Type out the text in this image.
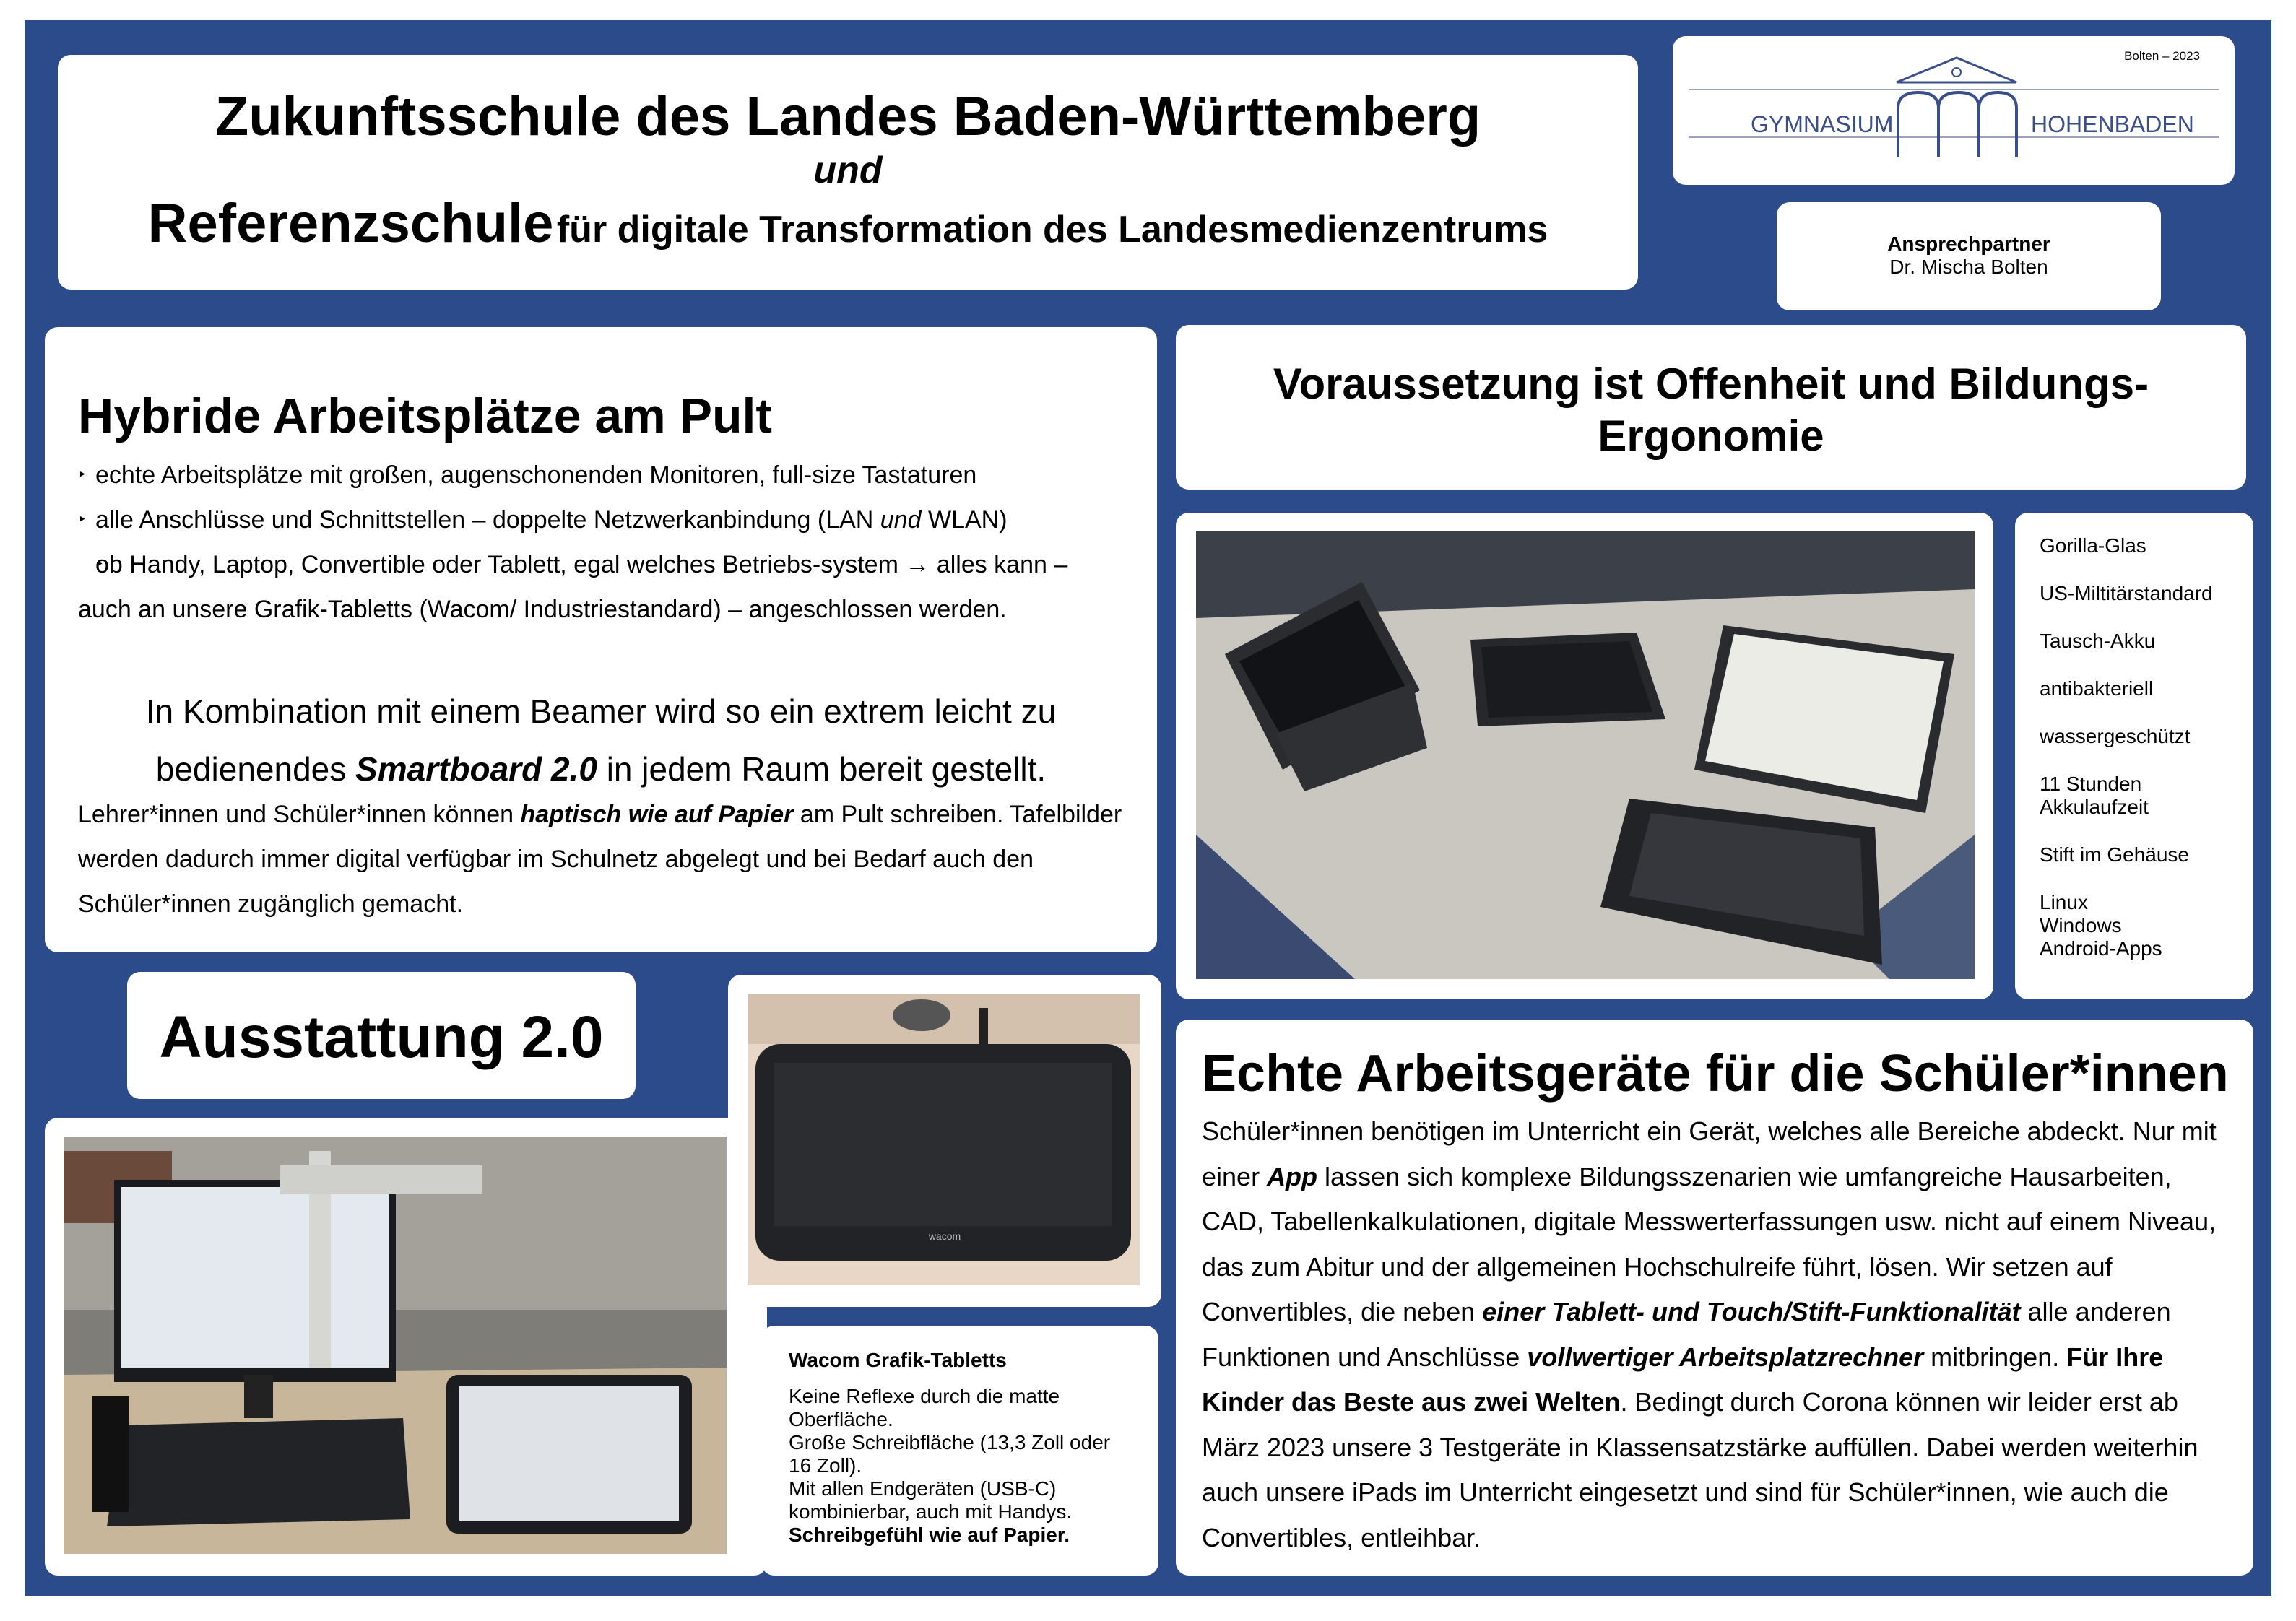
Zukunftsschule des Landes Baden-Württemberg
und
Referenzschule für digitale Transformation des Landesmedienzentrums
Bolten – 2023
GYMNASIUM	HOHENBADEN
Ansprechpartner
Dr. Mischa Bolten
Hybride Arbeitsplätze am Pult
‣ echte Arbeitsplätze mit großen, augenschonenden Monitoren, full-size Tastaturen
‣ alle Anschlüsse und Schnittstellen – doppelte Netzwerkanbindung (LAN und WLAN)
‣ ob Handy, Laptop, Convertible oder Tablett, egal welches Betriebs-system → alles kann – auch an unsere Grafik-Tabletts (Wacom/ Industriestandard) – angeschlossen werden.

In Kombination mit einem Beamer wird so ein extrem leicht zu bedienendes Smartboard 2.0 in jedem Raum bereit gestellt.

Lehrer*innen und Schüler*innen können haptisch wie auf Papier am Pult schreiben. Tafelbilder werden dadurch immer digital verfügbar im Schulnetz abgelegt und bei Bedarf auch den Schüler*innen zugänglich gemacht.

Voraussetzung ist Offenheit und Bildungs-Ergonomie
Gorilla-Glas
US-Miltitärstandard
Tausch-Akku
antibakteriell
wassergeschützt
11 Stunden Akkulaufzeit
Stift im Gehäuse
Linux Windows Android-Apps
Ausstattung 2.0
wacom
Wacom Grafik-Tabletts
Keine Reflexe durch die matte Oberfläche.
Große Schreibfläche (13,3 Zoll oder 16 Zoll).
Mit allen Endgeräten (USB-C) kombinierbar, auch mit Handys.
Schreibgefühl wie auf Papier.
Echte Arbeitsgeräte für die Schüler*innen

Schüler*innen benötigen im Unterricht ein Gerät, welches alle Bereiche abdeckt. Nur mit einer App lassen sich komplexe Bildungsszenarien wie umfangreiche Hausarbeiten, CAD, Tabellenkalkulationen, digitale Messwerterfassungen usw. nicht auf einem Niveau, das zum Abitur und der allgemeinen Hochschulreife führt, lösen. Wir setzen auf Convertibles, die neben einer Tablett- und Touch/Stift-Funktionalität alle anderen Funktionen und Anschlüsse vollwertiger Arbeitsplatzrechner mitbringen. Für Ihre Kinder das Beste aus zwei Welten. Bedingt durch Corona können wir leider erst ab März 2023 unsere 3 Testgeräte in Klassensatzstärke auffüllen. Dabei werden weiterhin auch unsere iPads im Unterricht eingesetzt und sind für Schüler*innen, wie auch die Convertibles, entleihbar.
